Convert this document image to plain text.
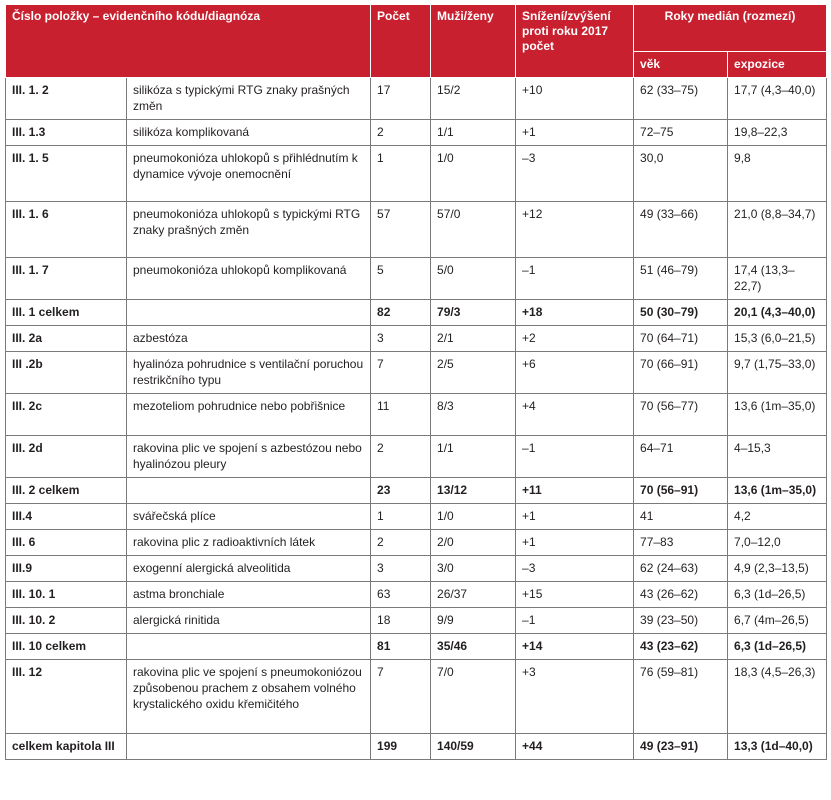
Číslo položky – evidenčního kódu/diagnóza		Počet	Muži/ženy	Snížení/zvýšení proti roku 2017 počet	Roky medián (rozmezí)	
					věk	expozice
III. 1. 2	silikóza s typickými RTG znaky prašných změn	17	15/2	+10	62 (33–75)	17,7 (4,3–40,0)
III. 1.3	silikóza komplikovaná	2	1/1	+1	72–75	19,8–22,3
III. 1. 5	pneumokonióza uhlokopů s přihlédnutím k dynamice vývoje onemocnění	1	1/0	–3	30,0	9,8
III. 1. 6	pneumokonióza uhlokopů s typickými RTG znaky prašných změn	57	57/0	+12	49 (33–66)	21,0 (8,8–34,7)
III. 1. 7	pneumokonióza uhlokopů komplikovaná	5	5/0	–1	51 (46–79)	17,4 (13,3–22,7)
III. 1 celkem		82	79/3	+18	50 (30–79)	20,1 (4,3–40,0)
III. 2a	azbestóza	3	2/1	+2	70 (64–71)	15,3 (6,0–21,5)
III .2b	hyalinóza pohrudnice s ventilační poruchou restrikčního typu	7	2/5	+6	70 (66–91)	9,7 (1,75–33,0)
III. 2c	mezoteliom pohrudnice nebo pobřišnice	11	8/3	+4	70 (56–77)	13,6 (1m–35,0)
III. 2d	rakovina plic ve spojení s azbestózou nebo hyalinózou pleury	2	1/1	–1	64–71	4–15,3
III. 2 celkem		23	13/12	+11	70 (56–91)	13,6 (1m–35,0)
III.4	svářečská plíce	1	1/0	+1	41	4,2
III. 6	rakovina plic z radioaktivních látek	2	2/0	+1	77–83	7,0–12,0
III.9	exogenní alergická alveolitida	3	3/0	–3	62 (24–63)	4,9 (2,3–13,5)
III. 10. 1	astma bronchiale	63	26/37	+15	43 (26–62)	6,3 (1d–26,5)
III. 10. 2	alergická rinitida	18	9/9	–1	39 (23–50)	6,7 (4m–26,5)
III. 10 celkem		81	35/46	+14	43 (23–62)	6,3 (1d–26,5)
III. 12	rakovina plic ve spojení s pneumokoniózou způsobenou prachem z obsahem volného krystalického oxidu křemičitého	7	7/0	+3	76 (59–81)	18,3 (4,5–26,3)
celkem kapitola III		199	140/59	+44	49 (23–91)	13,3 (1d–40,0)
